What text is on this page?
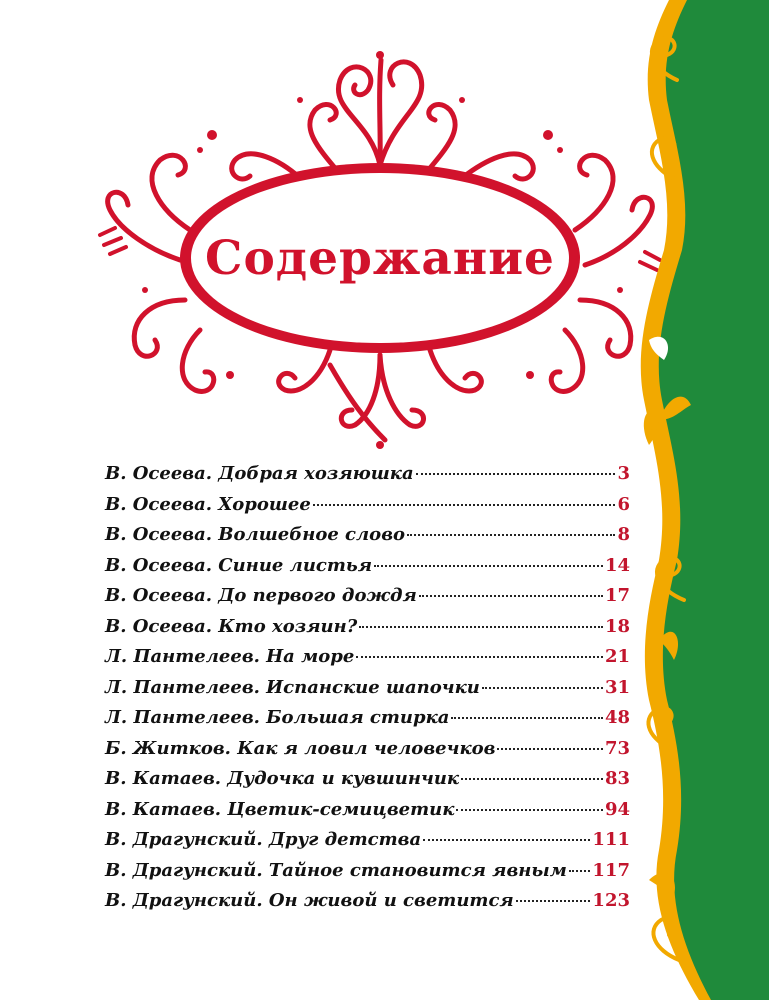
Содержание
В. Осеева. Добрая хозяюшка	3
В. Осеева. Хорошее	6
В. Осеева. Волшебное слово	8
В. Осеева. Синие листья	14
В. Осеева. До первого дождя	17
В. Осеева. Кто хозяин?	18
Л. Пантелеев. На море	21
Л. Пантелеев. Испанские шапочки	31
Л. Пантелеев. Большая стирка	48
Б. Житков. Как я ловил человечков	73
В. Катаев. Дудочка и кувшинчик	83
В. Катаев. Цветик-семицветик	94
В. Драгунский. Друг детства	111
В. Драгунский. Тайное становится явным 117
В. Драгунский. Он живой и светится	123
